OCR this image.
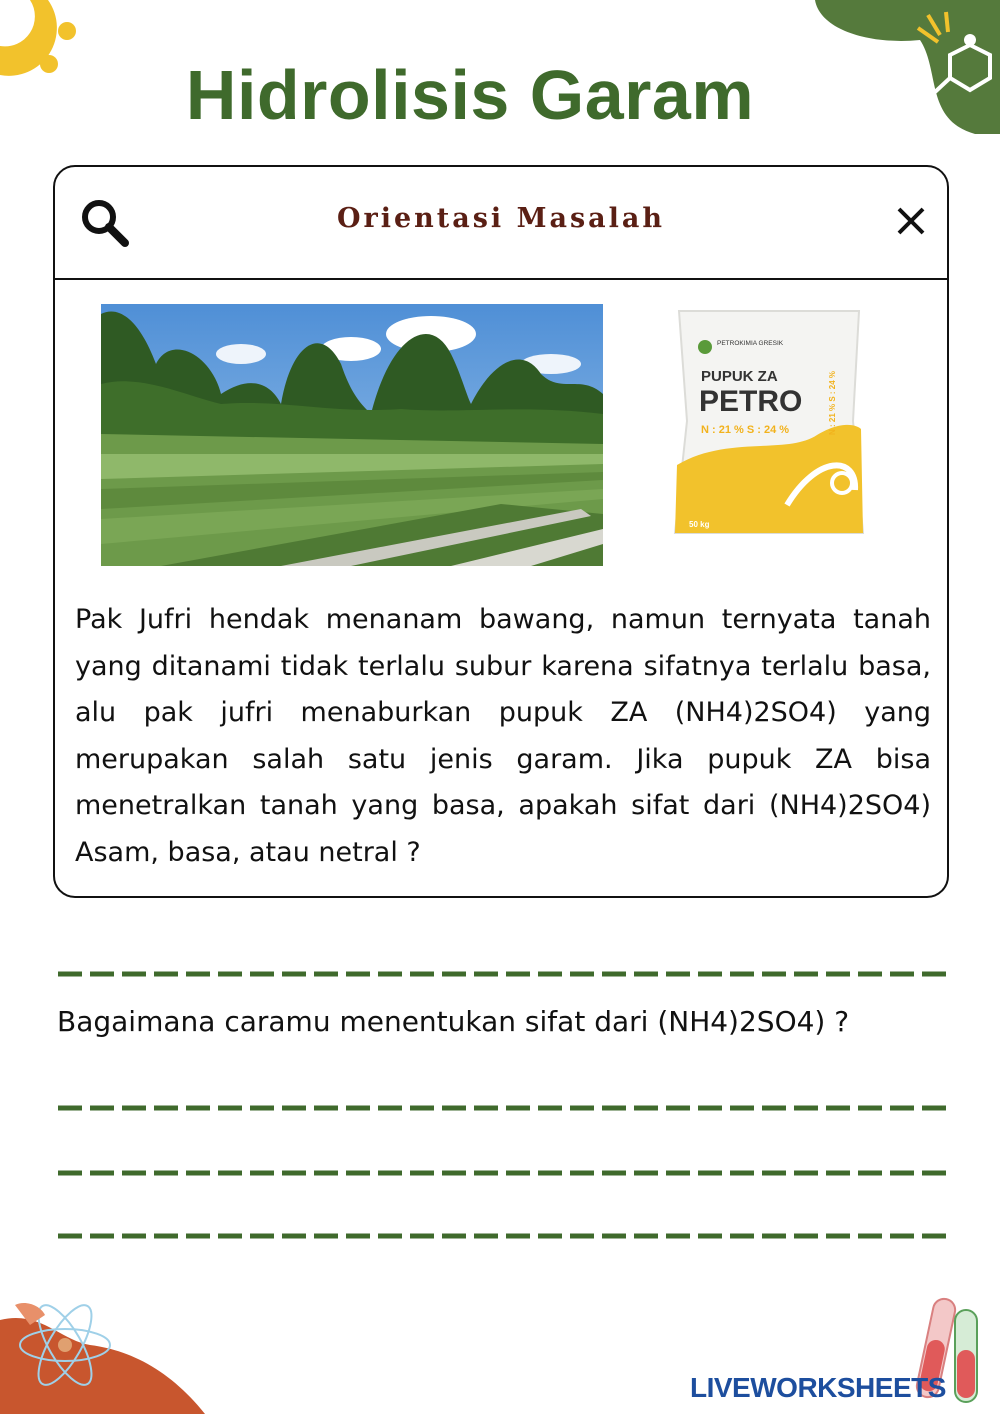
Hidrolisis Garam
Orientasi Masalah
PETROKIMIA GRESIK
PUPUK ZA
PETRO
N : 21 % S : 24 %	N : 21 % S : 24 %
50 kg
Pak Jufri hendak menanam bawang, namun ternyata tanah yang ditanami tidak terlalu subur karena sifatnya terlalu basa, alu pak jufri menaburkan pupuk ZA (NH4)2SO4) yang merupakan salah satu jenis garam. Jika pupuk ZA bisa menetralkan tanah yang basa, apakah sifat dari (NH4)2SO4) Asam, basa, atau netral ?
Bagaimana caramu menentukan sifat dari (NH4)2SO4) ?
LIVEWORKSHEETS
